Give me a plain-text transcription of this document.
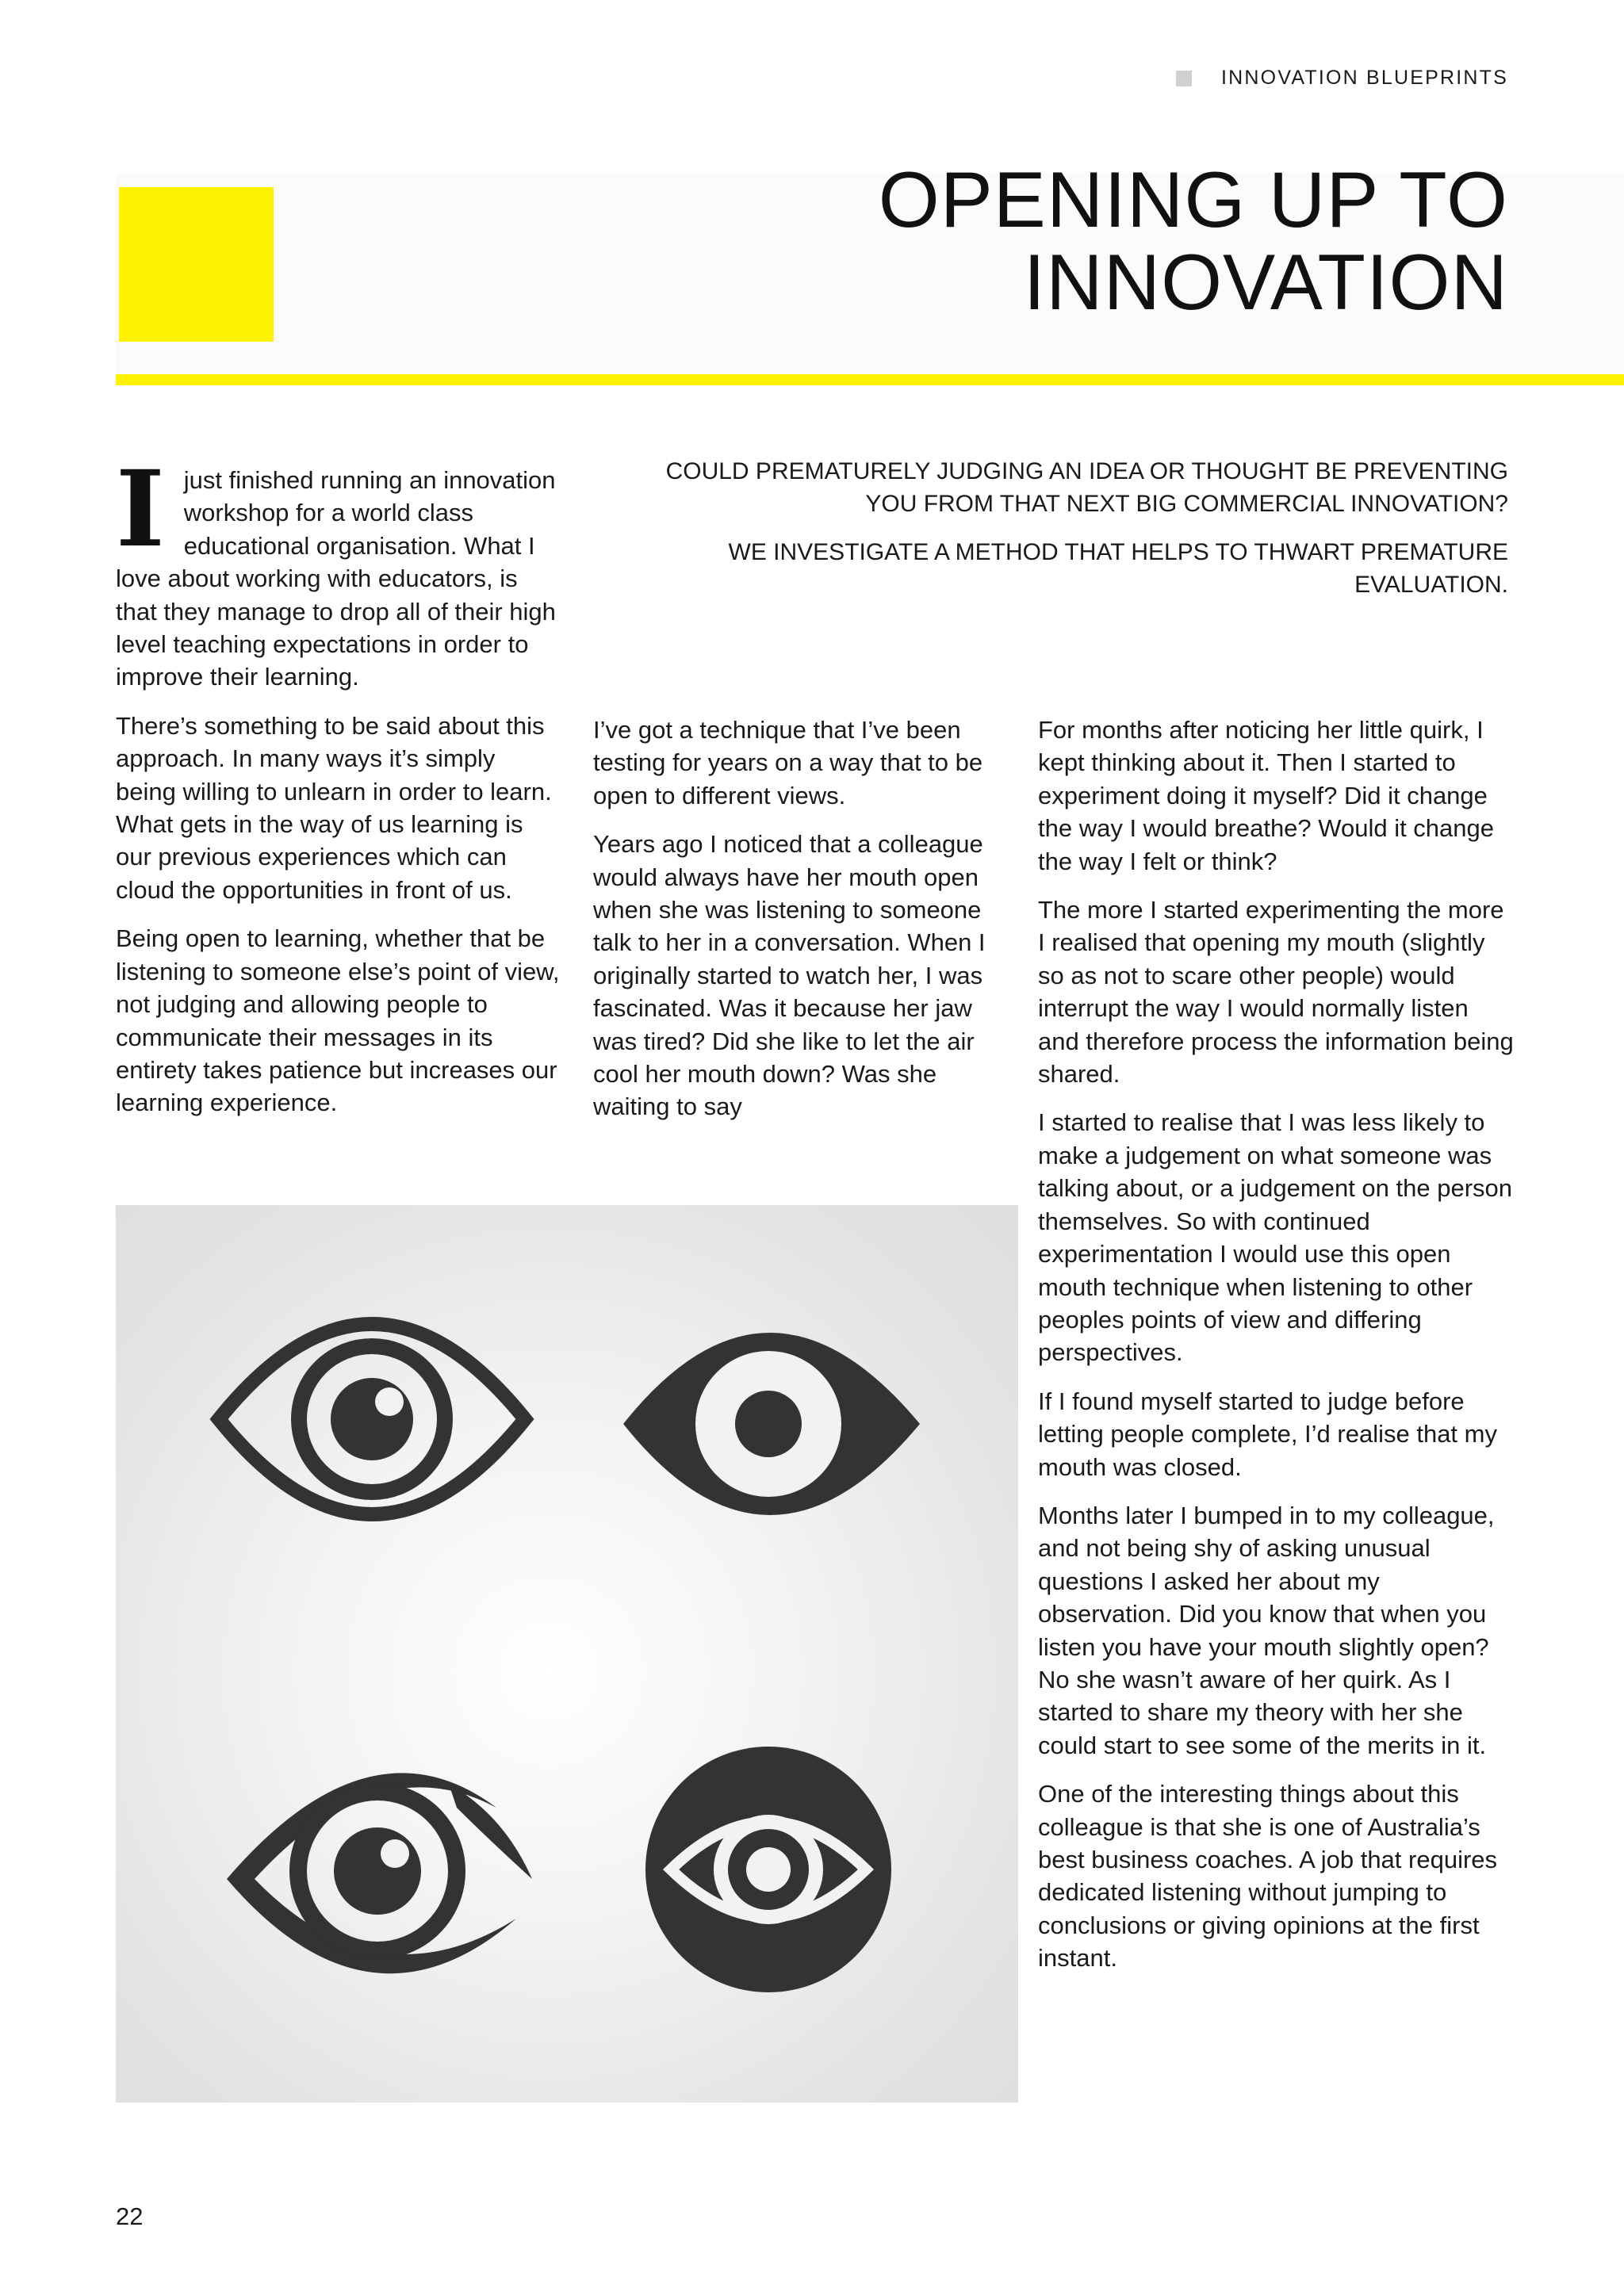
INNOVATION BLUEPRINTS
OPENING UP TO
INNOVATION

COULD PREMATURELY JUDGING AN IDEA OR THOUGHT BE PREVENTING YOU FROM THAT NEXT BIG COMMERCIAL INNOVATION?

WE INVESTIGATE A METHOD THAT HELPS TO THWART PREMATURE EVALUATION.

I just finished running an innovation workshop for a world class educational organisation. What I love about working with educators, is that they manage to drop all of their high level teaching expectations in order to improve their learning.

There’s something to be said about this approach. In many ways it’s simply being willing to unlearn in order to learn. What gets in the way of us learning is our previous experiences which can cloud the opportunities in front of us.

Being open to learning, whether that be listening to someone else’s point of view, not judging and allowing people to communicate their messages in its entirety takes patience but increases our learning experience.

I’ve got a technique that I’ve been testing for years on a way that to be open to different views.

Years ago I noticed that a colleague would always have her mouth open when she was listening to someone talk to her in a conversation. When I originally started to watch her, I was fascinated. Was it because her jaw was tired? Did she like to let the air cool her mouth down? Was she waiting to say

For months after noticing her little quirk, I kept thinking about it. Then I started to experiment doing it myself? Did it change the way I would breathe? Would it change the way I felt or think?

The more I started experimenting the more I realised that opening my mouth (slightly so as not to scare other people) would interrupt the way I would normally listen and therefore process the information being shared.

I started to realise that I was less likely to make a judgement on what someone was talking about, or a judgement on the person themselves. So with continued experimentation I would use this open mouth technique when listening to other peoples points of view and differing perspectives.

If I found myself started to judge before letting people complete, I’d realise that my mouth was closed.

Months later I bumped in to my colleague, and not being shy of asking unusual questions I asked her about my observation. Did you know that when you listen you have your mouth slightly open? No she wasn’t aware of her quirk. As I started to share my theory with her she could start to see some of the merits in it.

One of the interesting things about this colleague is that she is one of Australia’s best business coaches. A job that requires dedicated listening without jumping to conclusions or giving opinions at the first instant.

22
